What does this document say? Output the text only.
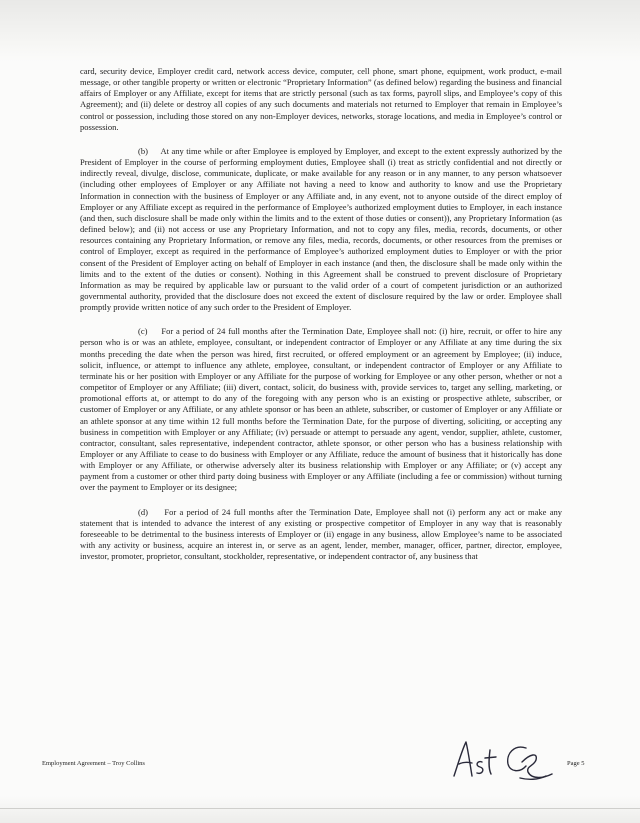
card, security device, Employer credit card, network access device, computer, cell phone, smart phone, equipment, work product, e-mail message, or other tangible property or written or electronic “Proprietary Information” (as defined below) regarding the business and financial affairs of Employer or any Affiliate, except for items that are strictly personal (such as tax forms, payroll slips, and Employee’s copy of this Agreement); and (ii) delete or destroy all copies of any such documents and materials not returned to Employer that remain in Employee’s control or possession, including those stored on any non-Employer devices, networks, storage locations, and media in Employee’s control or possession.

(b) At any time while or after Employee is employed by Employer, and except to the extent expressly authorized by the President of Employer in the course of performing employment duties, Employee shall (i) treat as strictly confidential and not directly or indirectly reveal, divulge, disclose, communicate, duplicate, or make available for any reason or in any manner, to any person whatsoever (including other employees of Employer or any Affiliate not having a need to know and authority to know and use the Proprietary Information in connection with the business of Employer or any Affiliate and, in any event, not to anyone outside of the direct employ of Employer or any Affiliate except as required in the performance of Employee’s authorized employment duties to Employer, in each instance (and then, such disclosure shall be made only within the limits and to the extent of those duties or consent)), any Proprietary Information (as defined below); and (ii) not access or use any Proprietary Information, and not to copy any files, media, records, documents, or other resources containing any Proprietary Information, or remove any files, media, records, documents, or other resources from the premises or control of Employer, except as required in the performance of Employee’s authorized employment duties to Employer or with the prior consent of the President of Employer acting on behalf of Employer in each instance (and then, the disclosure shall be made only within the limits and to the extent of the duties or consent). Nothing in this Agreement shall be construed to prevent disclosure of Proprietary Information as may be required by applicable law or pursuant to the valid order of a court of competent jurisdiction or an authorized governmental authority, provided that the disclosure does not exceed the extent of disclosure required by the law or order. Employee shall promptly provide written notice of any such order to the President of Employer.

(c) For a period of 24 full months after the Termination Date, Employee shall not: (i) hire, recruit, or offer to hire any person who is or was an athlete, employee, consultant, or independent contractor of Employer or any Affiliate at any time during the six months preceding the date when the person was hired, first recruited, or offered employment or an agreement by Employee; (ii) induce, solicit, influence, or attempt to influence any athlete, employee, consultant, or independent contractor of Employer or any Affiliate to terminate his or her position with Employer or any Affiliate for the purpose of working for Employee or any other person, whether or not a competitor of Employer or any Affiliate; (iii) divert, contact, solicit, do business with, provide services to, target any selling, marketing, or promotional efforts at, or attempt to do any of the foregoing with any person who is an existing or prospective athlete, subscriber, or customer of Employer or any Affiliate, or any athlete sponsor or has been an athlete, subscriber, or customer of Employer or any Affiliate or an athlete sponsor at any time within 12 full months before the Termination Date, for the purpose of diverting, soliciting, or accepting any business in competition with Employer or any Affiliate; (iv) persuade or attempt to persuade any agent, vendor, supplier, athlete, customer, contractor, consultant, sales representative, independent contractor, athlete sponsor, or other person who has a business relationship with Employer or any Affiliate to cease to do business with Employer or any Affiliate, reduce the amount of business that it historically has done with Employer or any Affiliate, or otherwise adversely alter its business relationship with Employer or any Affiliate; or (v) accept any payment from a customer or other third party doing business with Employer or any Affiliate (including a fee or commission) without turning over the payment to Employer or its designee;

(d) For a period of 24 full months after the Termination Date, Employee shall not (i) perform any act or make any statement that is intended to advance the interest of any existing or prospective competitor of Employer in any way that is reasonably foreseeable to be detrimental to the business interests of Employer or (ii) engage in any business, allow Employee’s name to be associated with any activity or business, acquire an interest in, or serve as an agent, lender, member, manager, officer, partner, director, employee, investor, promoter, proprietor, consultant, stockholder, representative, or independent contractor of, any business that

Employment Agreement – Troy Collins	Page 5
